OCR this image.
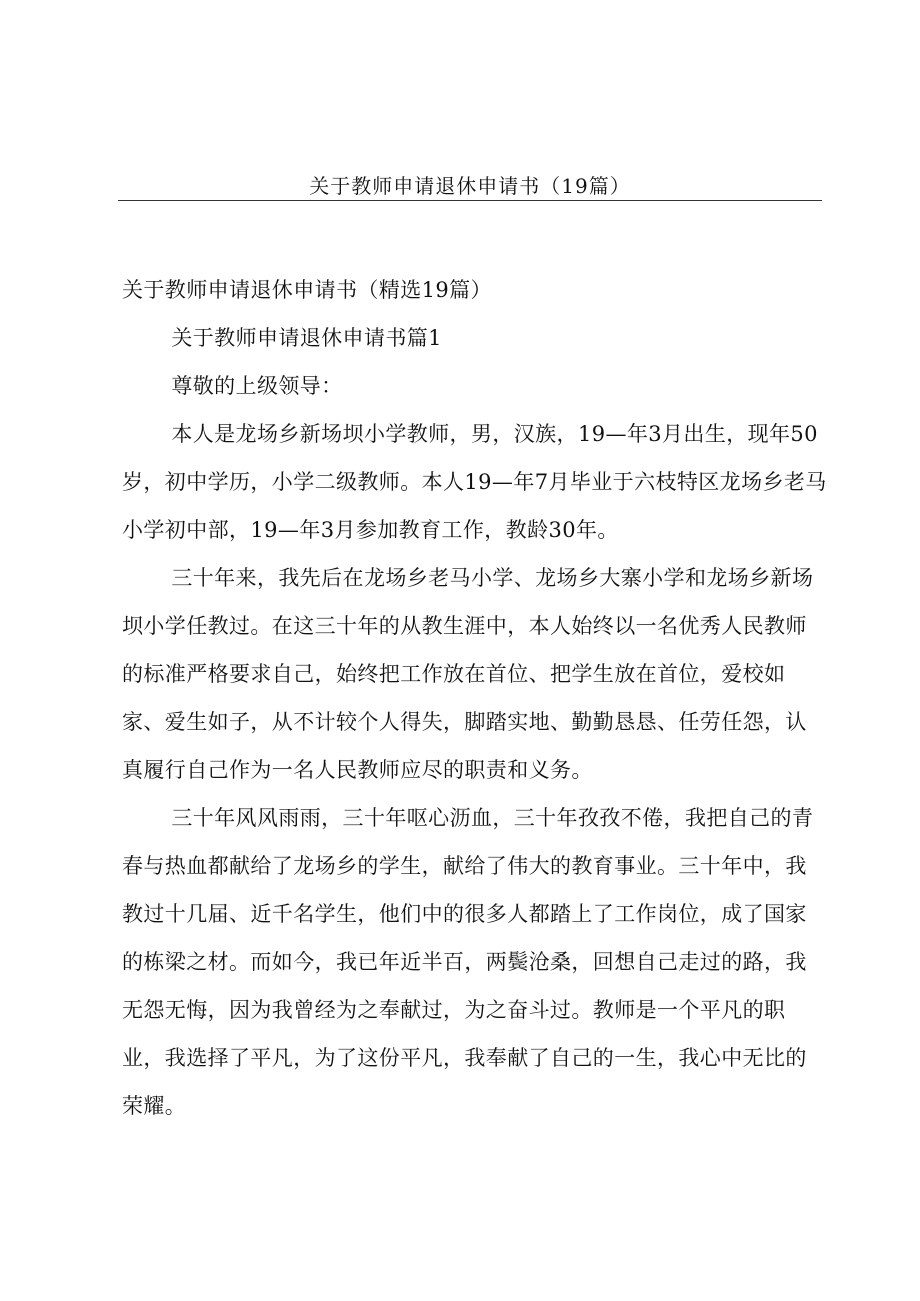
关于教师申请退休申请书（19篇）

关于教师申请退休申请书（精选19篇）

关于教师申请退休申请书篇1

尊敬的上级领导：

本人是龙场乡新场坝小学教师，男，汉族，19—年3月出生，现年50岁，初中学历，小学二级教师。本人19—年7月毕业于六枝特区龙场乡老马小学初中部，19—年3月参加教育工作，教龄30年。

三十年来，我先后在龙场乡老马小学、龙场乡大寨小学和龙场乡新场坝小学任教过。在这三十年的从教生涯中，本人始终以一名优秀人民教师的标准严格要求自己，始终把工作放在首位、把学生放在首位，爱校如家、爱生如子，从不计较个人得失，脚踏实地、勤勤恳恳、任劳任怨，认真履行自己作为一名人民教师应尽的职责和义务。

三十年风风雨雨，三十年呕心沥血，三十年孜孜不倦，我把自己的青春与热血都献给了龙场乡的学生，献给了伟大的教育事业。三十年中，我教过十几届、近千名学生，他们中的很多人都踏上了工作岗位，成了国家的栋梁之材。而如今，我已年近半百，两鬓沧桑，回想自己走过的路，我无怨无悔，因为我曾经为之奉献过，为之奋斗过。教师是一个平凡的职业，我选择了平凡，为了这份平凡，我奉献了自己的一生，我心中无比的荣耀。
